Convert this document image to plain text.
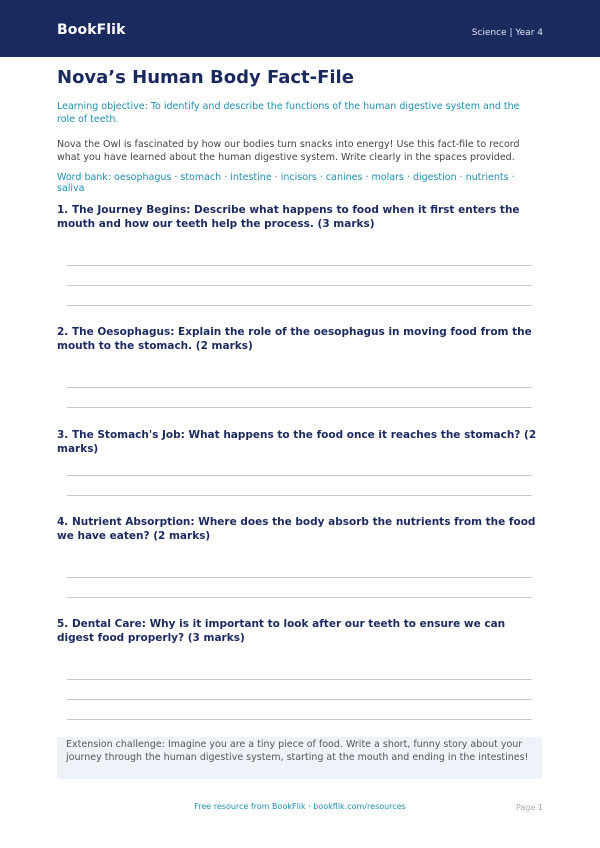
BookFlik	Science | Year 4
Nova’s Human Body Fact-File
Learning objective: To identify and describe the functions of the human digestive system and the role of teeth.
Nova the Owl is fascinated by how our bodies turn snacks into energy! Use this fact-file to record what you have learned about the human digestive system. Write clearly in the spaces provided.
Word bank: oesophagus · stomach · intestine · incisors · canines · molars · digestion · nutrients · saliva
1. The Journey Begins: Describe what happens to food when it first enters the mouth and how our teeth help the process. (3 marks)
2. The Oesophagus: Explain the role of the oesophagus in moving food from the mouth to the stomach. (2 marks)
3. The Stomach's Job: What happens to the food once it reaches the stomach? (2 marks)
4. Nutrient Absorption: Where does the body absorb the nutrients from the food we have eaten? (2 marks)
5. Dental Care: Why is it important to look after our teeth to ensure we can digest food properly? (3 marks)
Extension challenge: Imagine you are a tiny piece of food. Write a short, funny story about your journey through the human digestive system, starting at the mouth and ending in the intestines!
Free resource from BookFlik · bookflik.com/resources	Page 1
